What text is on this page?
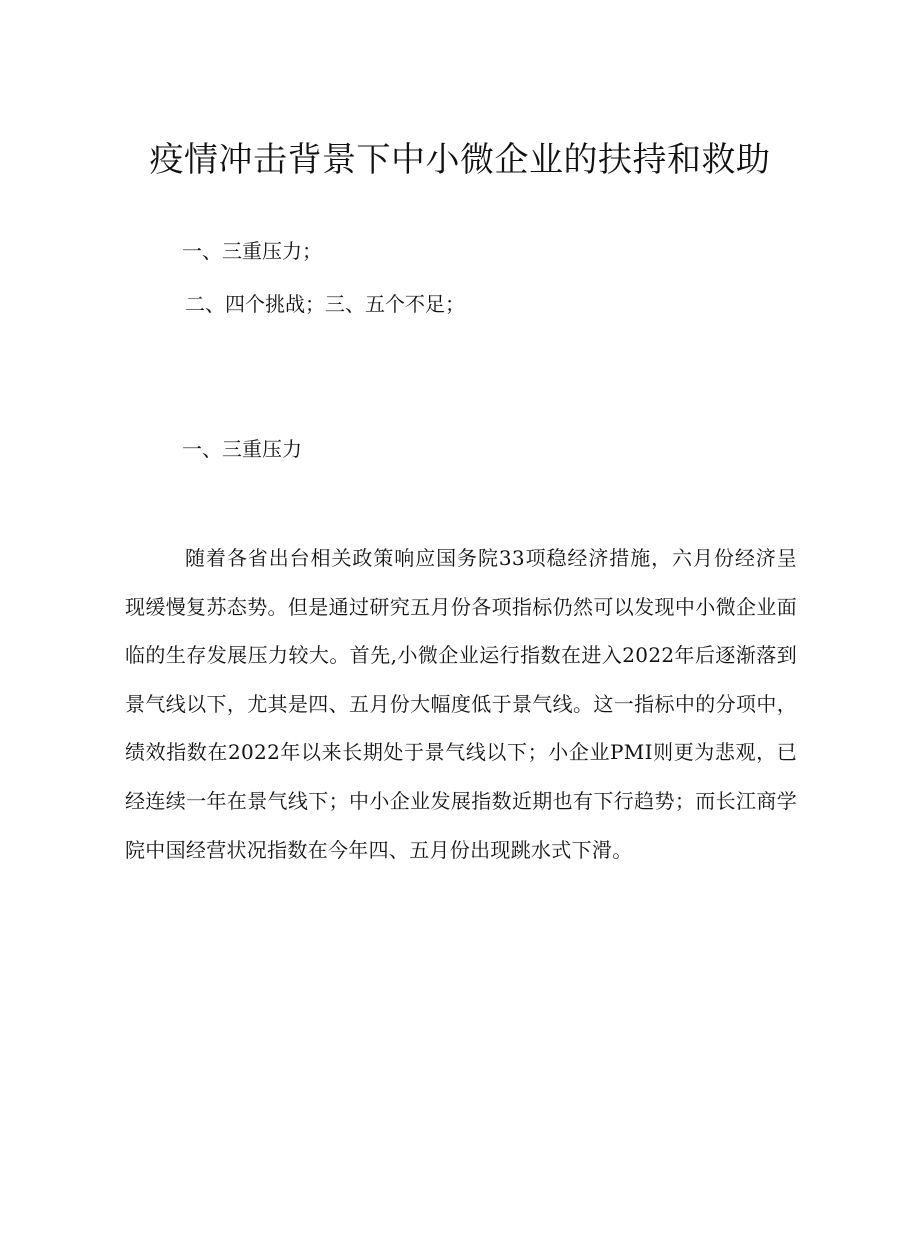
疫情冲击背景下中小微企业的扶持和救助

一、三重压力；

二、四个挑战；三、五个不足；

一、三重压力

随着各省出台相关政策响应国务院33项稳经济措施，六月份经济呈现缓慢复苏态势。但是通过研究五月份各项指标仍然可以发现中小微企业面临的生存发展压力较大。首先,小微企业运行指数在进入2022年后逐渐落到景气线以下，尤其是四、五月份大幅度低于景气线。这一指标中的分项中，绩效指数在2022年以来长期处于景气线以下；小企业PMI则更为悲观，已经连续一年在景气线下；中小企业发展指数近期也有下行趋势；而长江商学院中国经营状况指数在今年四、五月份出现跳水式下滑。
